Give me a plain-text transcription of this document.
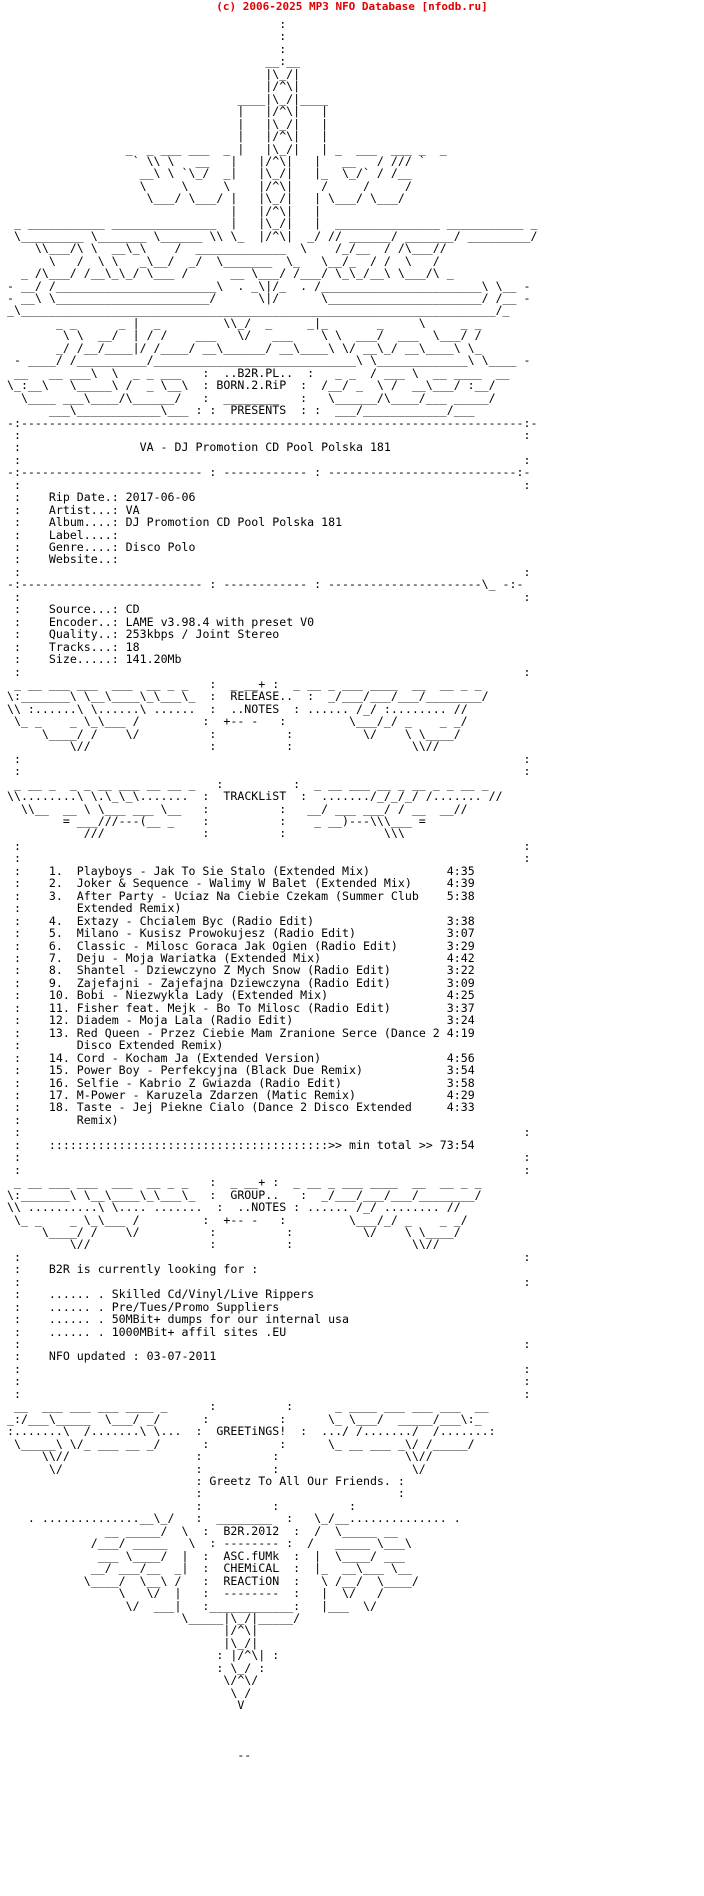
(c) 2006-2025 MP3 NFO Database [nfodb.ru]
:
:
:
__:__
|\_/|
|/^\|
____|\_/|____
|   |/^\|   |
|   |\_/|   |
|   |/^\|   |
_  _ ___ ___  _ |   |\_/|   | _  ___  ___ _  _
` \\ \   __   |   |/^\|   |   __   / /// `
__\ \ `\_/  _|   |\_/|   |_  \_/` / /__
\     \     \    |/^\|    /     /     /
\___/ \___/ |   |\_/|   | \___/ \___/
|   |/^\|   |
_ ___________ _______________  |   |\_/|   |  _______________ ___________ _
\_________ \_______ \______ \\ \_  |/^\|  _/ // ______/ _______/ _________/
\\___/\ \  __\_\    /  _____________  \    /_/__  / /\___//
\   /  \ \   _\__/  _/  \_______  \_   \__/_  / /  \   /
_ /\___/ /__\_\_/ \___ /      __ \___/ /___/ \_\_/__\ \___/\ _
- __/ /_______________________\  . _\|/_  . /_______________________\ \__ -
- __\ \______________________/      \|/      \______________________/ /__ -
_\____________________________________________________________________/_
_ _      _ |  _         \\_/  _     _|_       _     \     _ _
\ \  __/  | / /    ___   \/   ___    \ \  ___/  ___  \___/ /
_/ /__/____|/ /____/ __\______/ __\____\ \/ __\_/ __\____\ \_
- ____/ /__________/_____________________________\ \_____________\ \____ -
__   __ ___\  \  _ _ ___   :  ..B2R.PL..  :   _ _  / ___ \  __ ____  __
\_:__\   \_____\ /  _ \__\  : BORN.2.RiP  :  /__/ _  \ /  __\___/ :__/
\____ ___\____/\______/   :  ________   :   \______/\____/___ _____/
___\____________\___ : :  PRESENTS  : :  ___/____________/___
-:------------------------------------------------------------------------:-
:                                                                        :
:                 VA - DJ Promotion CD Pool Polska 181
:                                                                        :
-:-------------------------- : ------------ : ---------------------------:-
:                                                                        :
:    Rip Date.: 2017-06-06
:    Artist...: VA
:    Album....: DJ Promotion CD Pool Polska 181
:    Label....:
:    Genre....: Disco Polo
:    Website..:
:                                                                        :
-:-------------------------- : ------------ : ----------------------\_ -:-
:                                                                        :
:    Source...: CD
:    Encoder..: LAME v3.98.4 with preset V0
:    Quality..: 253kbps / Joint Stereo
:    Tracks...: 18
:    Size.....: 141.20Mb
:                                                                        :
_ __ ___ ___  ___  __ _ _   :  _ __+ :  _ __ _ ___ ____  __  __ _ _
\:_______\ \__\____\_\___\_  :  RELEASE..  :  _/___/___/___/________/
\\ :......\ \......\ ......  :  ..NOTES  : ...... /_/ :........ //
\_ _    _ \_\___ /         :  +-- -   :         \___/_/ _    _ _/
\____/ /    \/          :          :          \/    \ \____/
\//                 :          :                 \\//
:                                                                        :
:                                                                        :
_ __ _  _ _ __ ___ __ __ _   :          :  _ __ ___ __ _ __ _ _ __ _
\\........\ \.\_\_\.......  :  TRACKLiST  :  ......./_/_/_/ /....... //
\\__  __ \ \___ ___ \__   :          :   __/ ___ ___/ / __  __//
= ___///---(__ _    :          :    _ __)---\\\___ =
///              :          :              \\\
:                                                                        :
:                                                                        :
:    1.  Playboys - Jak To Sie Stalo (Extended Mix)           4:35
:    2.  Joker & Sequence - Walimy W Balet (Extended Mix)     4:39
:    3.  After Party - Uciaz Na Ciebie Czekam (Summer Club    5:38
:        Extended Remix)
:    4.  Extazy - Chcialem Byc (Radio Edit)                   3:38
:    5.  Milano - Kusisz Prowokujesz (Radio Edit)             3:07
:    6.  Classic - Milosc Goraca Jak Ogien (Radio Edit)       3:29
:    7.  Deju - Moja Wariatka (Extended Mix)                  4:42
:    8.  Shantel - Dziewczyno Z Mych Snow (Radio Edit)        3:22
:    9.  Zajefajni - Zajefajna Dziewczyna (Radio Edit)        3:09
:    10. Bobi - Niezwykla Lady (Extended Mix)                 4:25
:    11. Fisher feat. Mejk - Bo To Milosc (Radio Edit)        3:37
:    12. Diadem - Moja Lala (Radio Edit)                      3:24
:    13. Red Queen - Przez Ciebie Mam Zranione Serce (Dance 2 4:19
:        Disco Extended Remix)
:    14. Cord - Kocham Ja (Extended Version)                  4:56
:    15. Power Boy - Perfekcyjna (Black Due Remix)            3:54
:    16. Selfie - Kabrio Z Gwiazda (Radio Edit)               3:58
:    17. M-Power - Karuzela Zdarzen (Matic Remix)             4:29
:    18. Taste - Jej Piekne Cialo (Dance 2 Disco Extended     4:33
:        Remix)
:                                                                        :
:    ::::::::::::::::::::::::::::::::::::::::>> min total >> 73:54
:                                                                        :
:                                                                        :
_ __ ___ ___  ___  __ _ _   :  _ __+ :  _ __ _ ___ ____  __  __ _ _
\:_______\ \__\____\_\___\_  :  GROUP..   :  _/___/___/___/________/
\\ ..........\ \.... .......  :  ..NOTES : ...... /_/ ........ //
\_ _    _ \_\___ /         :  +-- -   :         \___/_/ _    _ _/
\____/ /    \/          :          :          \/    \ \____/
\//                 :          :                 \\//
:                                                                        :
:    B2R is currently looking for :
:                                                                        :
:    ...... . Skilled Cd/Vinyl/Live Rippers
:    ...... . Pre/Tues/Promo Suppliers
:    ...... . 50MBit+ dumps for our internal usa
:    ...... . 1000MBit+ affil sites .EU
:                                                                        :
:    NFO updated : 03-07-2011
:                                                                        :
:                                                                        :
:                                                                        :
__  ___ ___ ___ ____ _      :          :      _ ____ ___ ___ ___  __
_:/___\_____  \___/ _/      :          :      \_ \___/  _____/___\:_
:.......\  /.......\ \...  :  GREETiNGS!  :  .../ /......./  /.......:
\_____\ \/_ ___ __ _/      :          :      \_ __ ___ _\/ /_____/
\\//                  :          :                  \\//
\/                   :          :                   \/
: Greetz To All Our Friends. :
:                            :
:          :          :
. ..............__\_/   :  ________  :   \_/__.............. .
__ _____/  \  :  B2R.2012  :  /  \_____ __
/___/ _____   \  : -------- :  /   _____ \___\
___ \____/  |  :  ASC.fUMk  :  |  \____/ ___
__/ ___/__  _|  :  CHEMiCAL  :  |_  __\___ \__
\____/  \__\ /   :  REACTiON  :   \ /__/  \____/
\   \/  |   :  --------  :   |  \/   /
\/  ___|   :____________:   |___  \/
\_____|\_/|_____/
|/^\|
|\_/|
: |/^\| :
: \_/ :
\/^\/
\ /
V

--
